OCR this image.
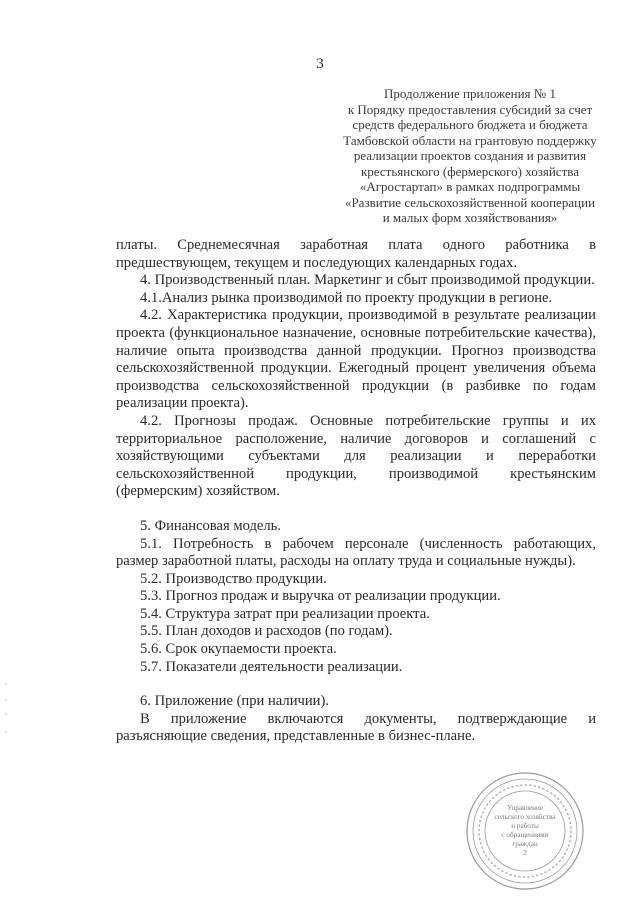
3
Продолжение приложения № 1
к Порядку предоставления субсидий за счет
средств федерального бюджета и бюджета
Тамбовской области на грантовую поддержку
реализации проектов создания и развития
крестьянского (фермерского) хозяйства
«Агростартап» в рамках подпрограммы
«Развитие сельскохозяйственной кооперации
и малых форм хозяйствования»

платы. Среднемесячная заработная плата одного работника в предшествующем, текущем и последующих календарных годах.

4. Производственный план. Маркетинг и сбыт производимой продукции.

4.1.Анализ рынка производимой по проекту продукции в регионе.

4.2. Характеристика продукции, производимой в результате реализации проекта (функциональное назначение, основные потребительские качества), наличие опыта производства данной продукции. Прогноз производства сельскохозяйственной продукции. Ежегодный процент увеличения объема производства сельскохозяйственной продукции (в разбивке по годам реализации проекта).

4.2. Прогнозы продаж. Основные потребительские группы и их территориальное расположение, наличие договоров и соглашений с хозяйствующими субъектами для реализации и переработки сельскохозяйственной продукции, производимой крестьянским (фермерским) хозяйством.

5. Финансовая модель.

5.1. Потребность в рабочем персонале (численность работающих, размер заработной платы, расходы на оплату труда и социальные нужды).

5.2. Производство продукции.

5.3. Прогноз продаж и выручка от реализации продукции.

5.4. Структура затрат при реализации проекта.

5.5. План доходов и расходов (по годам).

5.6. Срок окупаемости проекта.

5.7. Показатели деятельности реализации.

6. Приложение (при наличии).

В приложение включаются документы, подтверждающие и разъясняющие сведения, представленные в бизнес-плане.

Управление
сельского хозяйства
и работы
с обращениями
граждан
2
